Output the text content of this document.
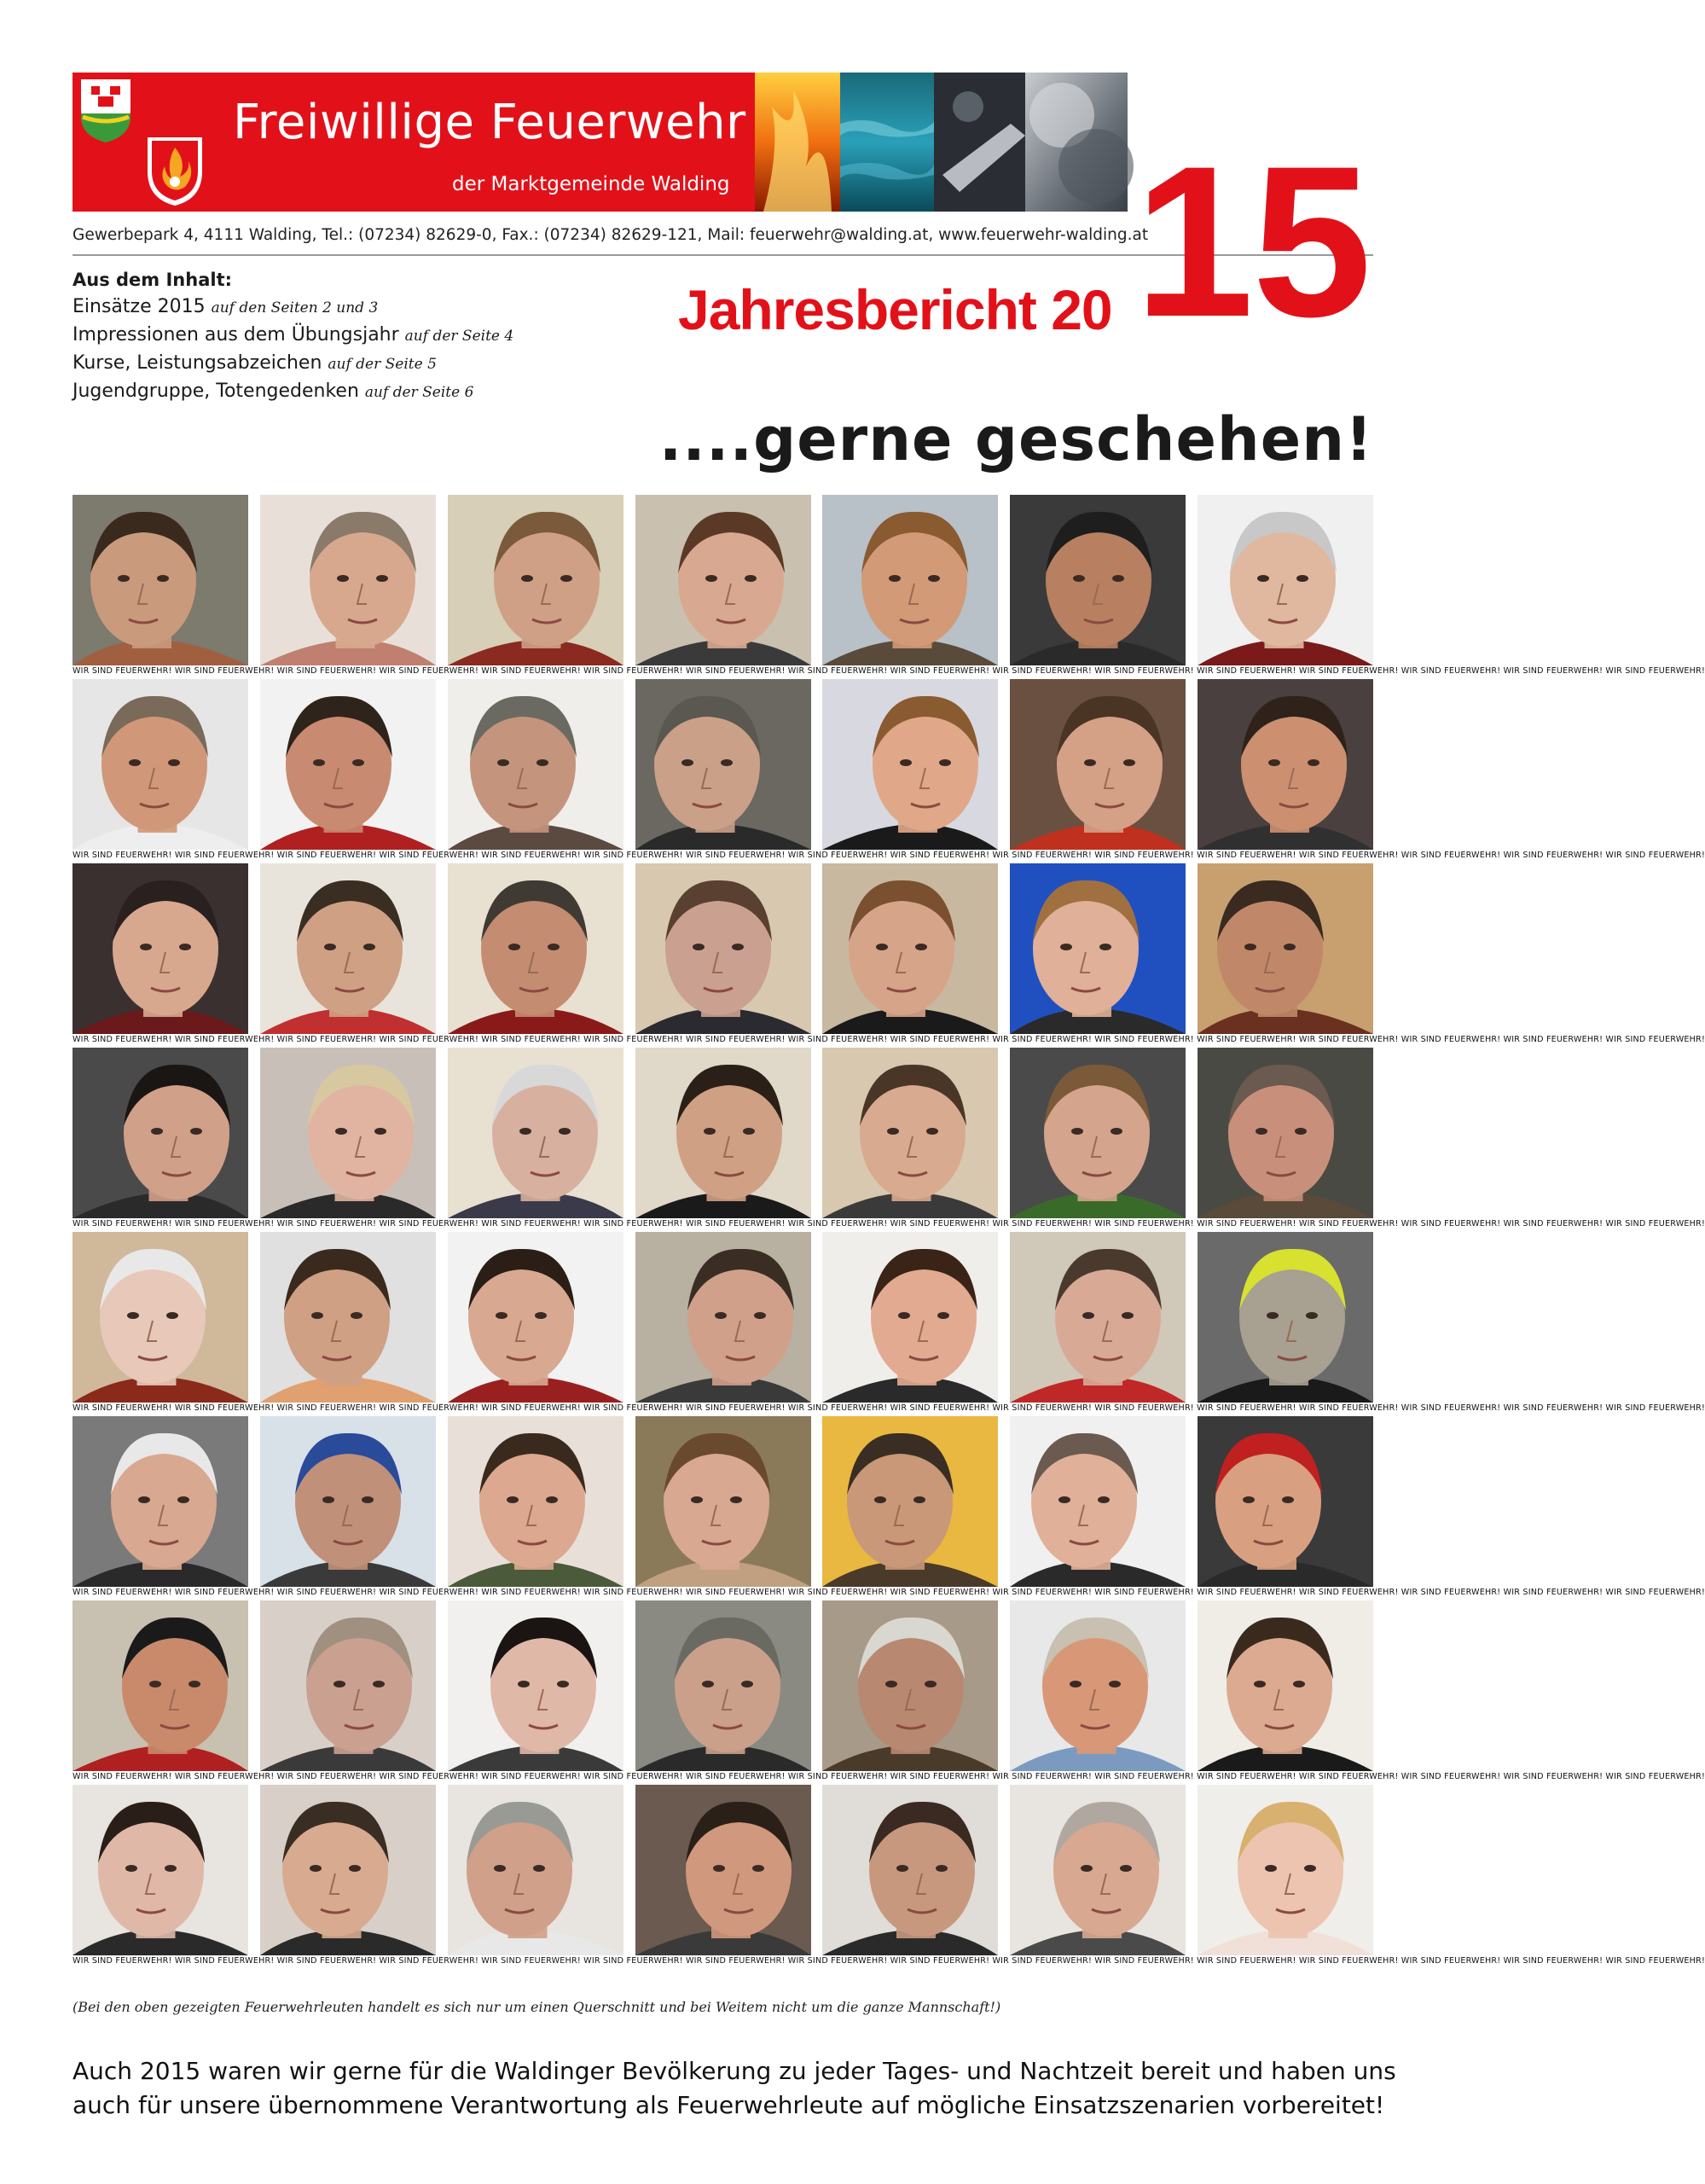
Freiwillige Feuerwehr
der Marktgemeinde Walding
Gewerbepark 4, 4111 Walding, Tel.: (07234) 82629-0, Fax.: (07234) 82629-121, Mail: feuerwehr@walding.at, www.feuerwehr-walding.at
15
Jahresbericht 20
Aus dem Inhalt:
Einsätze 2015 auf den Seiten 2 und 3
Impressionen aus dem Übungsjahr auf der Seite 4
Kurse, Leistungsabzeichen auf der Seite 5
Jugendgruppe, Totengedenken auf der Seite 6
....gerne geschehen!
WIR SIND FEUERWEHR! WIR SIND FEUERWEHR! WIR SIND FEUERWEHR! WIR SIND FEUERWEHR! WIR SIND FEUERWEHR! WIR SIND FEUERWEHR! WIR SIND FEUERWEHR! WIR SIND FEUERWEHR! WIR SIND FEUERWEHR! WIR SIND FEUERWEHR! WIR SIND FEUERWEHR! WIR SIND FEUERWEHR! WIR SIND FEUERWEHR! WIR SIND FEUERWEHR! WIR SIND FEUERWEHR! WIR SIND FEUERWEHR!
WIR SIND FEUERWEHR! WIR SIND FEUERWEHR! WIR SIND FEUERWEHR! WIR SIND FEUERWEHR! WIR SIND FEUERWEHR! WIR SIND FEUERWEHR! WIR SIND FEUERWEHR! WIR SIND FEUERWEHR! WIR SIND FEUERWEHR! WIR SIND FEUERWEHR! WIR SIND FEUERWEHR! WIR SIND FEUERWEHR! WIR SIND FEUERWEHR! WIR SIND FEUERWEHR! WIR SIND FEUERWEHR! WIR SIND FEUERWEHR!
WIR SIND FEUERWEHR! WIR SIND FEUERWEHR! WIR SIND FEUERWEHR! WIR SIND FEUERWEHR! WIR SIND FEUERWEHR! WIR SIND FEUERWEHR! WIR SIND FEUERWEHR! WIR SIND FEUERWEHR! WIR SIND FEUERWEHR! WIR SIND FEUERWEHR! WIR SIND FEUERWEHR! WIR SIND FEUERWEHR! WIR SIND FEUERWEHR! WIR SIND FEUERWEHR! WIR SIND FEUERWEHR! WIR SIND FEUERWEHR!
WIR SIND FEUERWEHR! WIR SIND FEUERWEHR! WIR SIND FEUERWEHR! WIR SIND FEUERWEHR! WIR SIND FEUERWEHR! WIR SIND FEUERWEHR! WIR SIND FEUERWEHR! WIR SIND FEUERWEHR! WIR SIND FEUERWEHR! WIR SIND FEUERWEHR! WIR SIND FEUERWEHR! WIR SIND FEUERWEHR! WIR SIND FEUERWEHR! WIR SIND FEUERWEHR! WIR SIND FEUERWEHR! WIR SIND FEUERWEHR!
WIR SIND FEUERWEHR! WIR SIND FEUERWEHR! WIR SIND FEUERWEHR! WIR SIND FEUERWEHR! WIR SIND FEUERWEHR! WIR SIND FEUERWEHR! WIR SIND FEUERWEHR! WIR SIND FEUERWEHR! WIR SIND FEUERWEHR! WIR SIND FEUERWEHR! WIR SIND FEUERWEHR! WIR SIND FEUERWEHR! WIR SIND FEUERWEHR! WIR SIND FEUERWEHR! WIR SIND FEUERWEHR! WIR SIND FEUERWEHR!
WIR SIND FEUERWEHR! WIR SIND FEUERWEHR! WIR SIND FEUERWEHR! WIR SIND FEUERWEHR! WIR SIND FEUERWEHR! WIR SIND FEUERWEHR! WIR SIND FEUERWEHR! WIR SIND FEUERWEHR! WIR SIND FEUERWEHR! WIR SIND FEUERWEHR! WIR SIND FEUERWEHR! WIR SIND FEUERWEHR! WIR SIND FEUERWEHR! WIR SIND FEUERWEHR! WIR SIND FEUERWEHR! WIR SIND FEUERWEHR!
WIR SIND FEUERWEHR! WIR SIND FEUERWEHR! WIR SIND FEUERWEHR! WIR SIND FEUERWEHR! WIR SIND FEUERWEHR! WIR SIND FEUERWEHR! WIR SIND FEUERWEHR! WIR SIND FEUERWEHR! WIR SIND FEUERWEHR! WIR SIND FEUERWEHR! WIR SIND FEUERWEHR! WIR SIND FEUERWEHR! WIR SIND FEUERWEHR! WIR SIND FEUERWEHR! WIR SIND FEUERWEHR! WIR SIND FEUERWEHR!
WIR SIND FEUERWEHR! WIR SIND FEUERWEHR! WIR SIND FEUERWEHR! WIR SIND FEUERWEHR! WIR SIND FEUERWEHR! WIR SIND FEUERWEHR! WIR SIND FEUERWEHR! WIR SIND FEUERWEHR! WIR SIND FEUERWEHR! WIR SIND FEUERWEHR! WIR SIND FEUERWEHR! WIR SIND FEUERWEHR! WIR SIND FEUERWEHR! WIR SIND FEUERWEHR! WIR SIND FEUERWEHR! WIR SIND FEUERWEHR!
(Bei den oben gezeigten Feuerwehrleuten handelt es sich nur um einen Querschnitt und bei Weitem nicht um die ganze Mannschaft!)
Auch 2015 waren wir gerne für die Waldinger Bevölkerung zu jeder Tages- und Nachtzeit bereit und haben uns
auch für unsere übernommene Verantwortung als Feuerwehrleute auf mögliche Einsatzszenarien vorbereitet!
